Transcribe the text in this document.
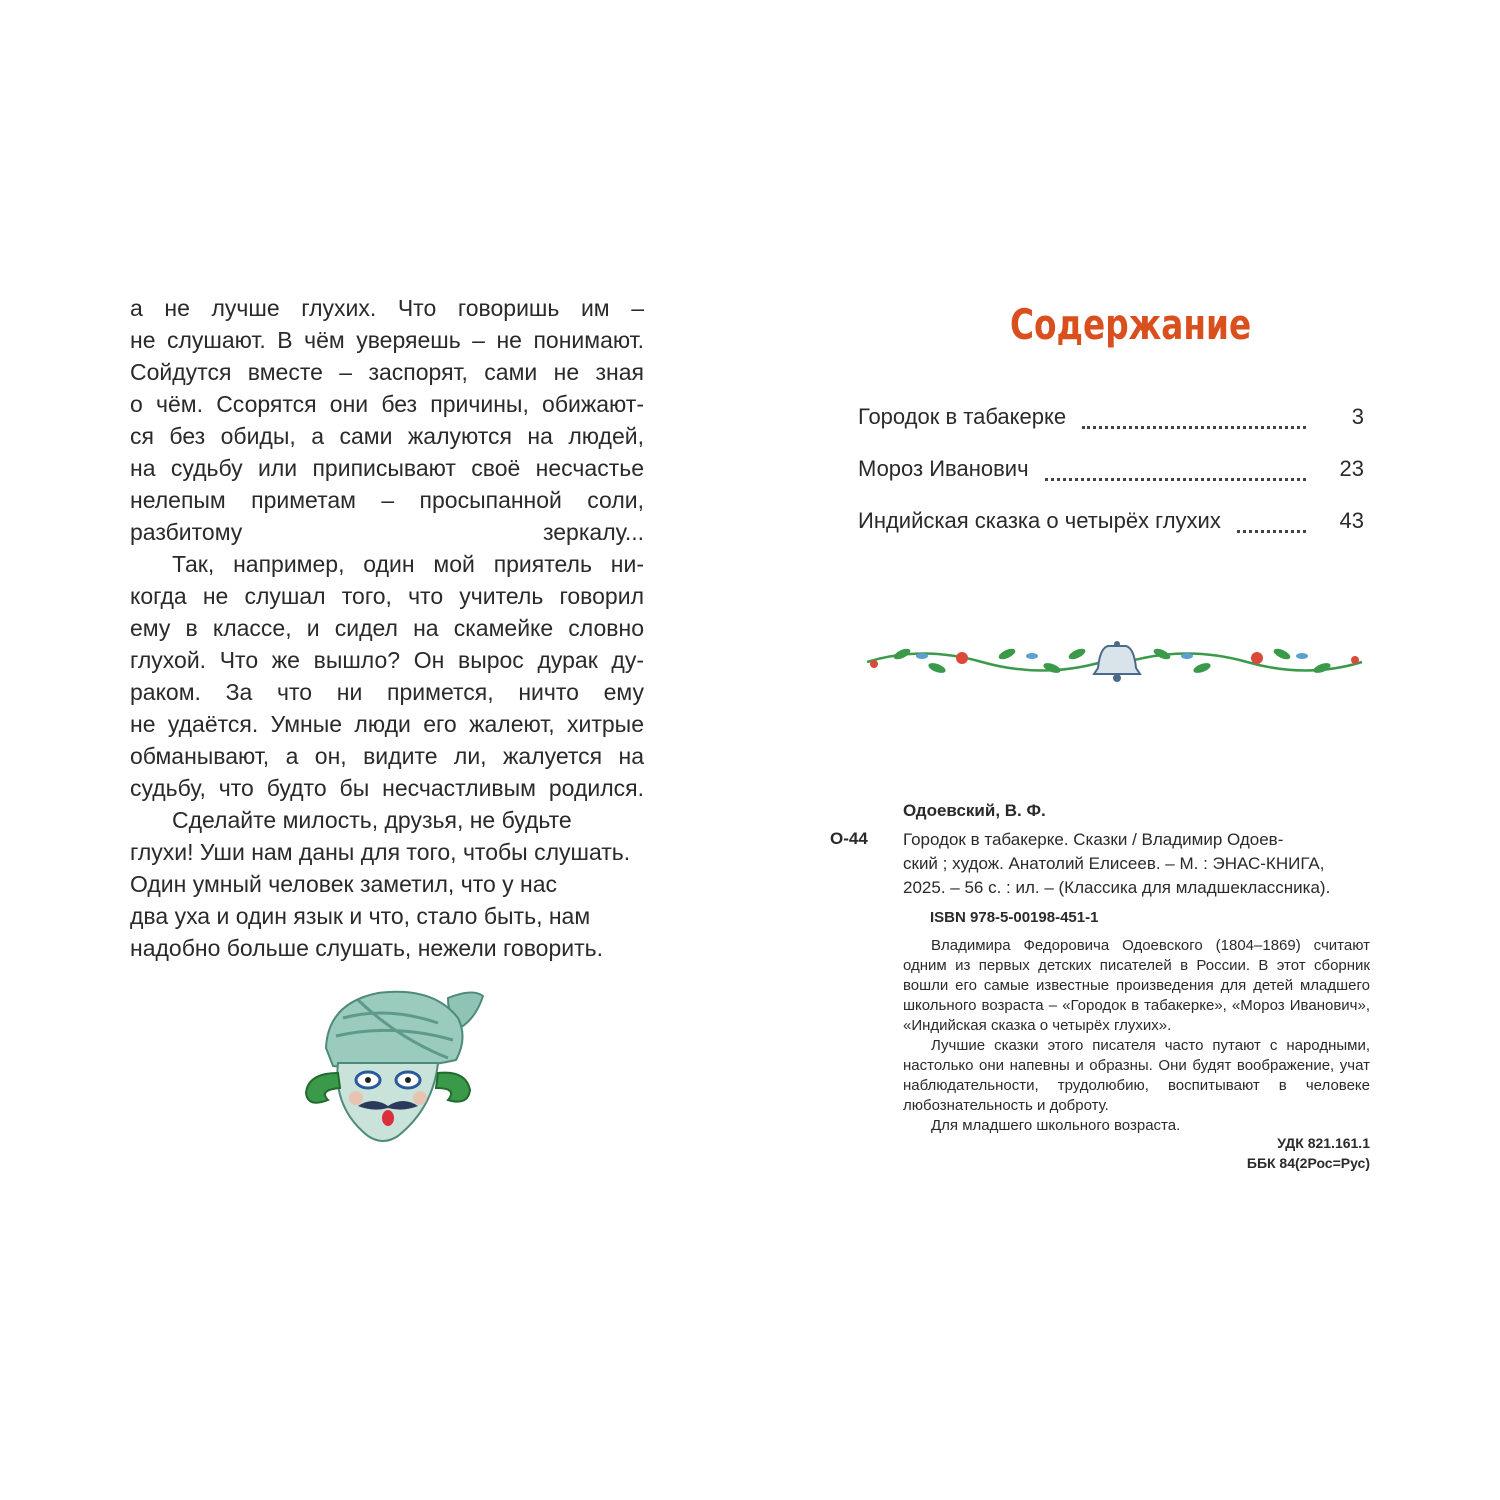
а не лучше глухих. Что говоришь им –
не слушают. В чём уверяешь – не понимают.
Сойдутся вместе – заспорят, сами не зная
о чём. Ссорятся они без причины, обижают-
ся без обиды, а сами жалуются на людей,
на судьбу или приписывают своё несчастье
нелепым приметам – просыпанной соли,
разбитому зеркалу...

Так, например, один мой приятель ни-
когда не слушал того, что учитель говорил
ему в классе, и сидел на скамейке словно
глухой. Что же вышло? Он вырос дурак ду-
раком. За что ни примется, ничто ему
не удаётся. Умные люди его жалеют, хитрые
обманывают, а он, видите ли, жалуется на
судьбу, что будто бы несчастливым родился.

Сделайте милость, друзья, не будьте
глухи! Уши нам даны для того, чтобы слушать.
Один умный человек заметил, что у нас
два уха и один язык и что, стало быть, нам
надобно больше слушать, нежели говорить.

Содержание
Городок в табакерке	3
Мороз Иванович	23
Индийская сказка о четырёх глухих	43
Одоевский, В. Ф.
О-44 Городок в табакерке. Сказки / Владимир Одоев-
ский ; худож. Анатолий Елисеев. – М. : ЭНАС-КНИГА,
2025. – 56 с. : ил. – (Классика для младшеклассника).
ISBN 978-5-00198-451-1

Владимира Федоровича Одоевского (1804–1869) считают одним из первых детских писателей в России. В этот сборник вошли его самые известные произведения для детей младшего школьного возраста – «Городок в табакерке», «Мороз Иванович», «Индийская сказка о четырёх глухих».

Лучшие сказки этого писателя часто путают с народными, настолько они напевны и образны. Они будят воображение, учат наблюдательности, трудолюбию, воспитывают в человеке любознательность и доброту.

Для младшего школьного возраста.

УДК 821.161.1
ББК 84(2Рос=Рус)
